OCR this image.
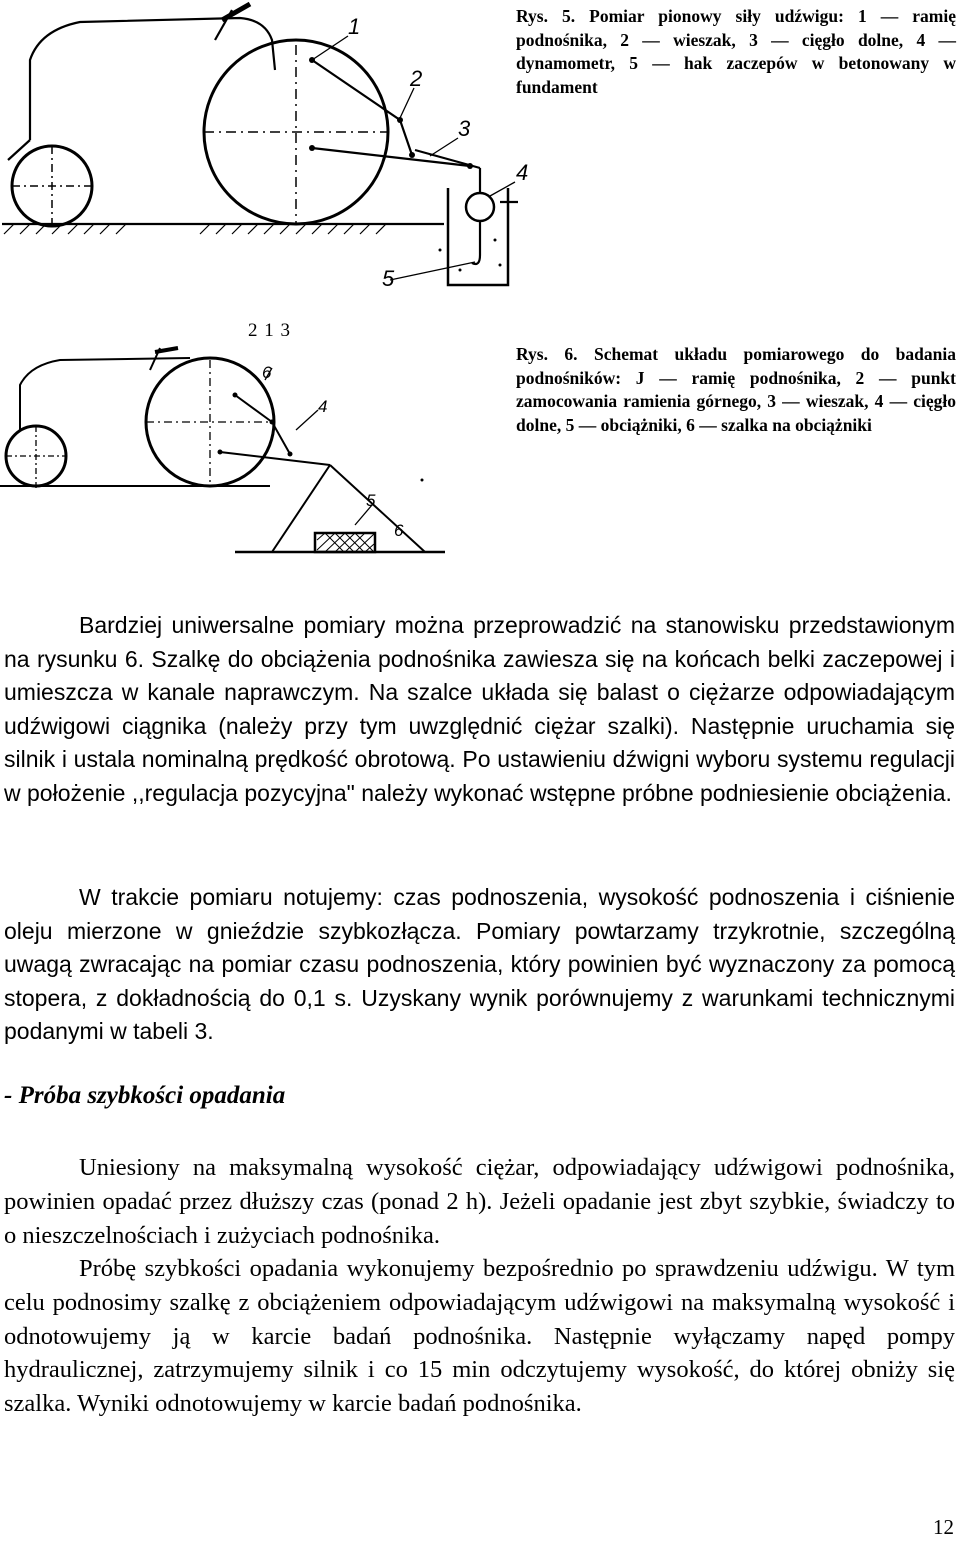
1
2
3
4
5
Rys. 5. Pomiar pionowy siły udźwigu: 1 — ramię podnośnika, 2 — wieszak, 3 — cięgło dolne, 4 — dynamometr, 5 — hak zaczepów w betonowany w fundament
2 1 3
6
4
5
6
Rys. 6. Schemat układu pomiarowego do badania podnośników: J — ramię podnośnika, 2 — punkt zamocowania ramienia górnego, 3 — wieszak, 4 — cięgło dolne, 5 — obciążniki, 6 — szalka na obciążniki
Bardziej uniwersalne pomiary można przeprowadzić na stanowisku przedstawionym na rysunku 6. Szalkę do obciążenia podnośnika zawiesza się na końcach belki zaczepowej i umieszcza w kanale naprawczym. Na szalce układa się balast o ciężarze odpowiadającym udźwigowi ciągnika (należy przy tym uwzględnić ciężar szalki). Następnie uruchamia się silnik i ustala nominalną prędkość obrotową. Po ustawieniu dźwigni wyboru systemu regulacji w położenie ,,regulacja pozycyjna" należy wykonać wstępne próbne podniesienie obciążenia.
W trakcie pomiaru notujemy: czas podnoszenia, wysokość podnoszenia i ciśnienie oleju mierzone w gnieździe szybkozłącza. Pomiary powtarzamy trzykrotnie, szczególną uwagą zwracając na pomiar czasu podnoszenia, który powinien być wyznaczony za pomocą stopera, z dokładnością do 0,1 s. Uzyskany wynik porównujemy z warunkami technicznymi podanymi w tabeli 3.
- Próba szybkości opadania
Uniesiony na maksymalną wysokość ciężar, odpowiadający udźwigowi podnośnika, powinien opadać przez dłuższy czas (ponad 2 h). Jeżeli opadanie jest zbyt szybkie, świadczy to o nieszczelnościach i zużyciach podnośnika.
Próbę szybkości opadania wykonujemy bezpośrednio po sprawdzeniu udźwigu. W tym celu podnosimy szalkę z obciążeniem odpowiadającym udźwigowi na maksymalną wysokość i odnotowujemy ją w karcie badań podnośnika. Następnie wyłączamy napęd pompy hydraulicznej, zatrzymujemy silnik i co 15 min odczytujemy wysokość, do której obniży się szalka. Wyniki odnotowujemy w karcie badań podnośnika.
12
